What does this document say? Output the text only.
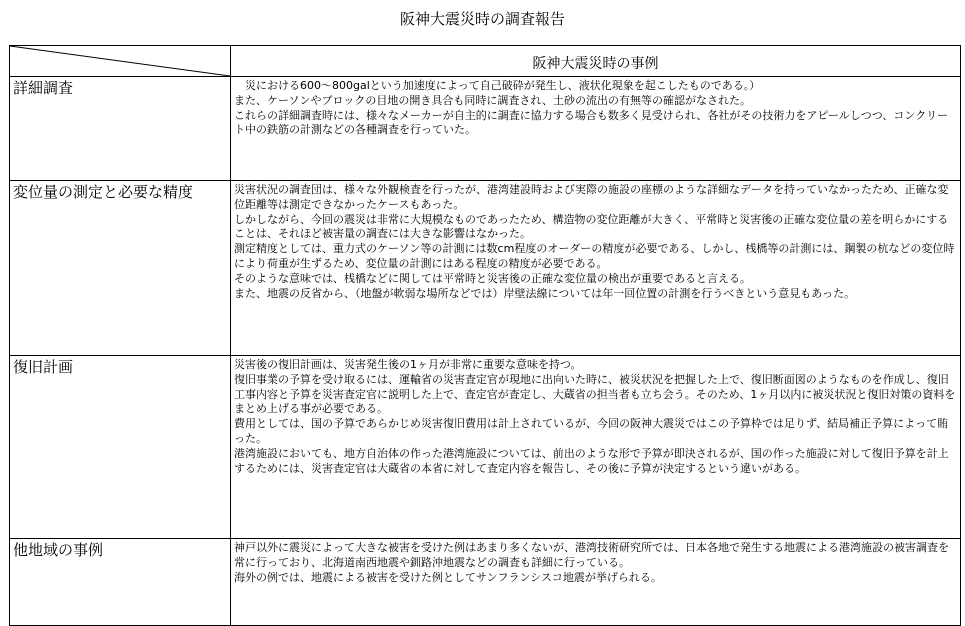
阪神大震災時の調査報告
	阪神大震災時の事例
詳細調査	　災における600～800galという加速度によって自己破砕が発生し、液状化現象を起こしたものである。）

また、ケーソンやブロックの目地の開き具合も同時に調査され、土砂の流出の有無等の確認がなされた。

これらの詳細調査時には、様々なメーカーが自主的に調査に協力する場合も数多く見受けられ、各社がその技術力をアピールしつつ、コンクリート中の鉄筋の計測などの各種調査を行っていた。

変位量の測定と必要な精度	災害状況の調査団は、様々な外観検査を行ったが、港湾建設時および実際の施設の座標のような詳細なデータを持っていなかったため、正確な変位距離等は測定できなかったケースもあった。

しかしながら、今回の震災は非常に大規模なものであったため、構造物の変位距離が大きく、平常時と災害後の正確な変位量の差を明らかにすることは、それほど被害量の調査には大きな影響はなかった。

測定精度としては、重力式のケーソン等の計測には数cm程度のオーダーの精度が必要である、しかし、桟橋等の計測には、鋼製の杭などの変位時により荷重が生ずるため、変位量の計測にはある程度の精度が必要である。

そのような意味では、桟橋などに関しては平常時と災害後の正確な変位量の検出が重要であると言える。

また、地震の反省から、（地盤が軟弱な場所などでは）岸壁法線については年一回位置の計測を行うべきという意見もあった。

復旧計画	災害後の復旧計画は、災害発生後の1ヶ月が非常に重要な意味を持つ。

復旧事業の予算を受け取るには、運輸省の災害査定官が現地に出向いた時に、被災状況を把握した上で、復旧断面図のようなものを作成し、復旧工事内容と予算を災害査定官に説明した上で、査定官が査定し、大蔵省の担当者も立ち会う。そのため、1ヶ月以内に被災状況と復旧対策の資料をまとめ上げる事が必要である。

費用としては、国の予算であらかじめ災害復旧費用は計上されているが、今回の阪神大震災ではこの予算枠では足りず、結局補正予算によって賄った。

港湾施設においても、地方自治体の作った港湾施設については、前出のような形で予算が即決されるが、国の作った施設に対して復旧予算を計上するためには、災害査定官は大蔵省の本省に対して査定内容を報告し、その後に予算が決定するという違いがある。

他地域の事例	神戸以外に震災によって大きな被害を受けた例はあまり多くないが、港湾技術研究所では、日本各地で発生する地震による港湾施設の被害調査を常に行っており、北海道南西地震や釧路沖地震などの調査も詳細に行っている。

海外の例では、地震による被害を受けた例としてサンフランシスコ地震が挙げられる。
